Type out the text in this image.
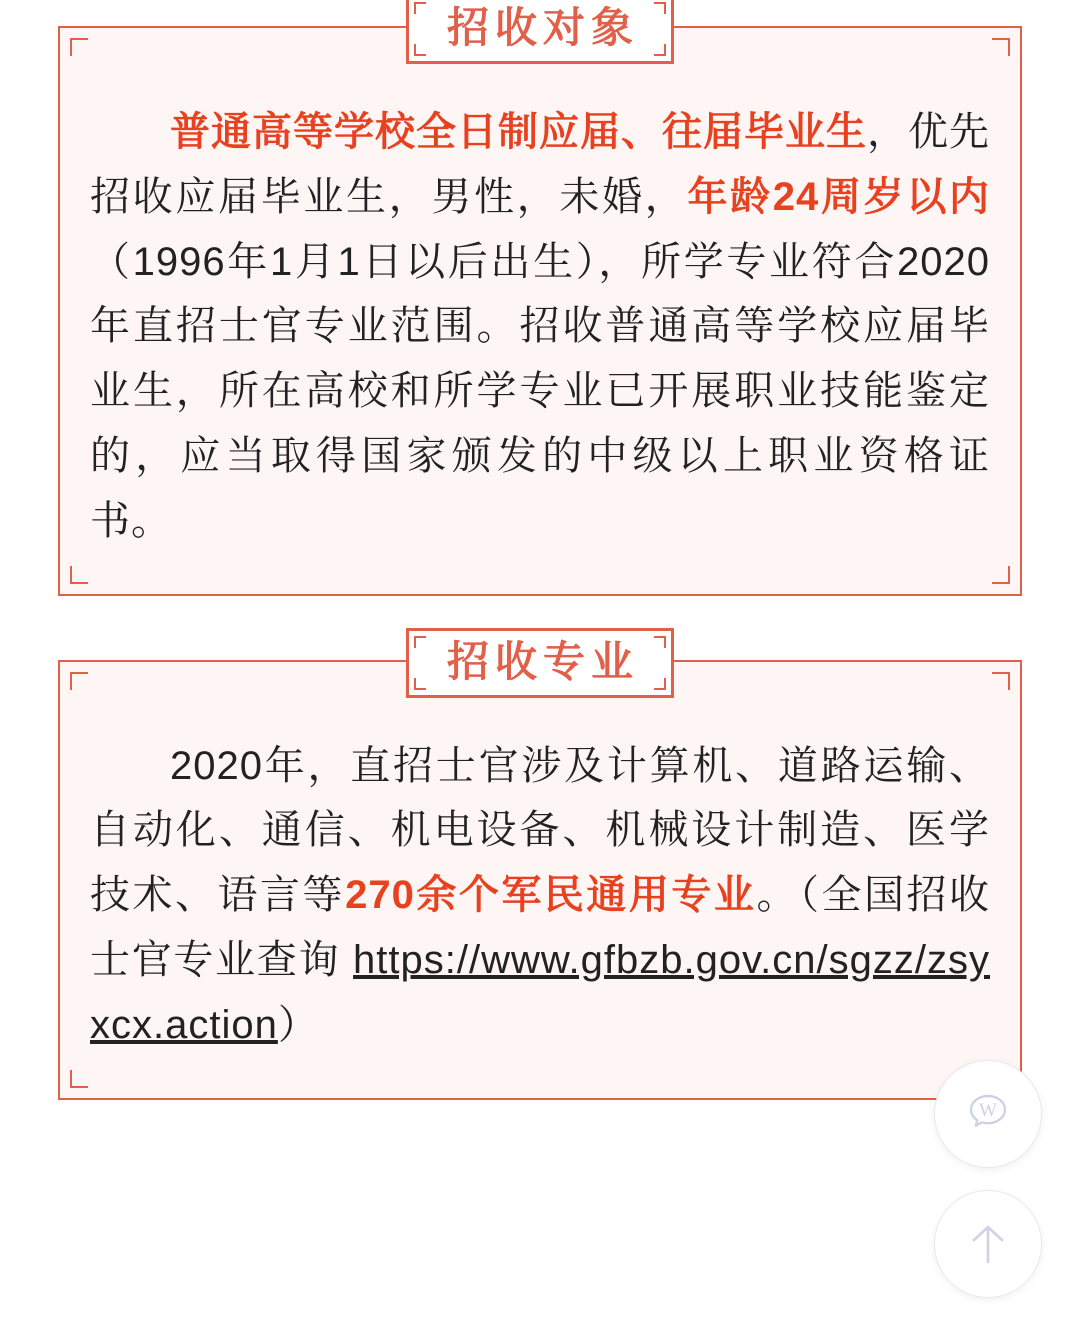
招收对象
普通高等学校全日制应届、往届毕业生，优先招收应届毕业生，男性，未婚，年龄24周岁以内（1996年1月1日以后出生），所学专业符合2020年直招士官专业范围。招收普通高等学校应届毕业生，所在高校和所学专业已开展职业技能鉴定的，应当取得国家颁发的中级以上职业资格证书。
招收专业
2020年，直招士官涉及计算机、道路运输、自动化、通信、机电设备、机械设计制造、医学技术、语言等270余个军民通用专业。（全国招收士官专业查询 https://www.gfbzb.gov.cn/sgzz/zsyxcx.action）
W
